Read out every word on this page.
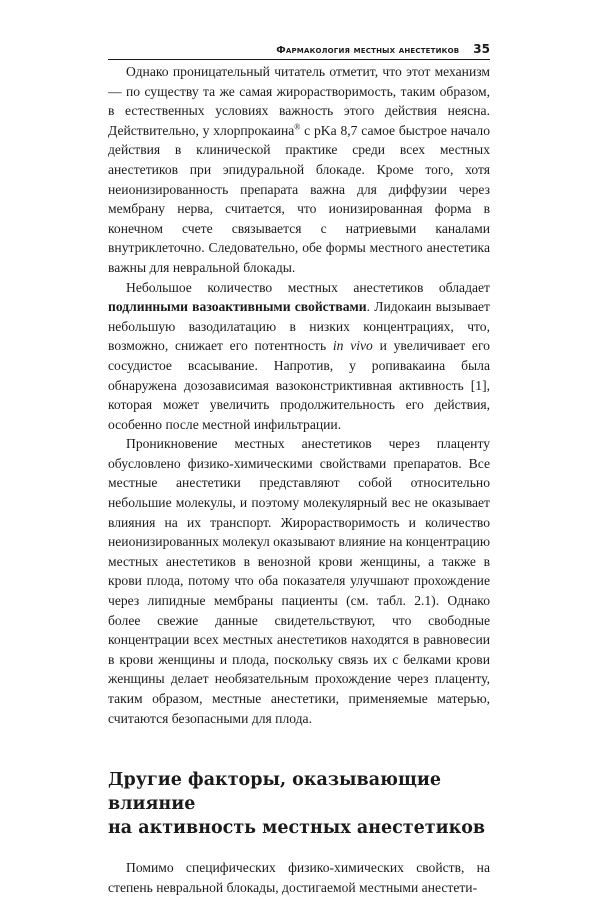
Фармакология местных анестетиков 35

Однако проницательный читатель отметит, что этот механизм — по существу та же самая жирорастворимость, таким образом, в естественных условиях важность этого действия неясна. Действительно, у хлорпрокаина® с pKa 8,7 самое быстрое начало действия в клинической практике среди всех местных анестетиков при эпидуральной блокаде. Кроме того, хотя неионизированность препарата важна для диффузии через мембрану нерва, считается, что ионизированная форма в конечном счете связывается с натриевыми каналами внутриклеточно. Следовательно, обе формы местного анестетика важны для невральной блокады.

Небольшое количество местных анестетиков обладает подлинными вазоактивными свойствами. Лидокаин вызывает небольшую вазодилатацию в низких концентрациях, что, возможно, снижает его потентность in vivo и увеличивает его сосудистое всасывание. Напротив, у ропивакаина была обнаружена дозозависимая вазоконстриктивная активность [1], которая может увеличить продолжительность его действия, особенно после местной инфильтрации.

Проникновение местных анестетиков через плаценту обусловлено физико-химическими свойствами препаратов. Все местные анестетики представляют собой относительно небольшие молекулы, и поэтому молекулярный вес не оказывает влияния на их транспорт. Жирорастворимость и количество неионизированных молекул оказывают влияние на концентрацию местных анестетиков в венозной крови женщины, а также в крови плода, потому что оба показателя улучшают прохождение через липидные мембраны пациенты (см. табл. 2.1). Однако более свежие данные свидетельствуют, что свободные концентрации всех местных анестетиков находятся в равновесии в крови женщины и плода, поскольку связь их с белками крови женщины делает необязательным прохождение через плаценту, таким образом, местные анестетики, применяемые матерью, считаются безопасными для плода.

Другие факторы, оказывающие влияние
на активность местных анестетиков

Помимо специфических физико-химических свойств, на степень невральной блокады, достигаемой местными анестети-
